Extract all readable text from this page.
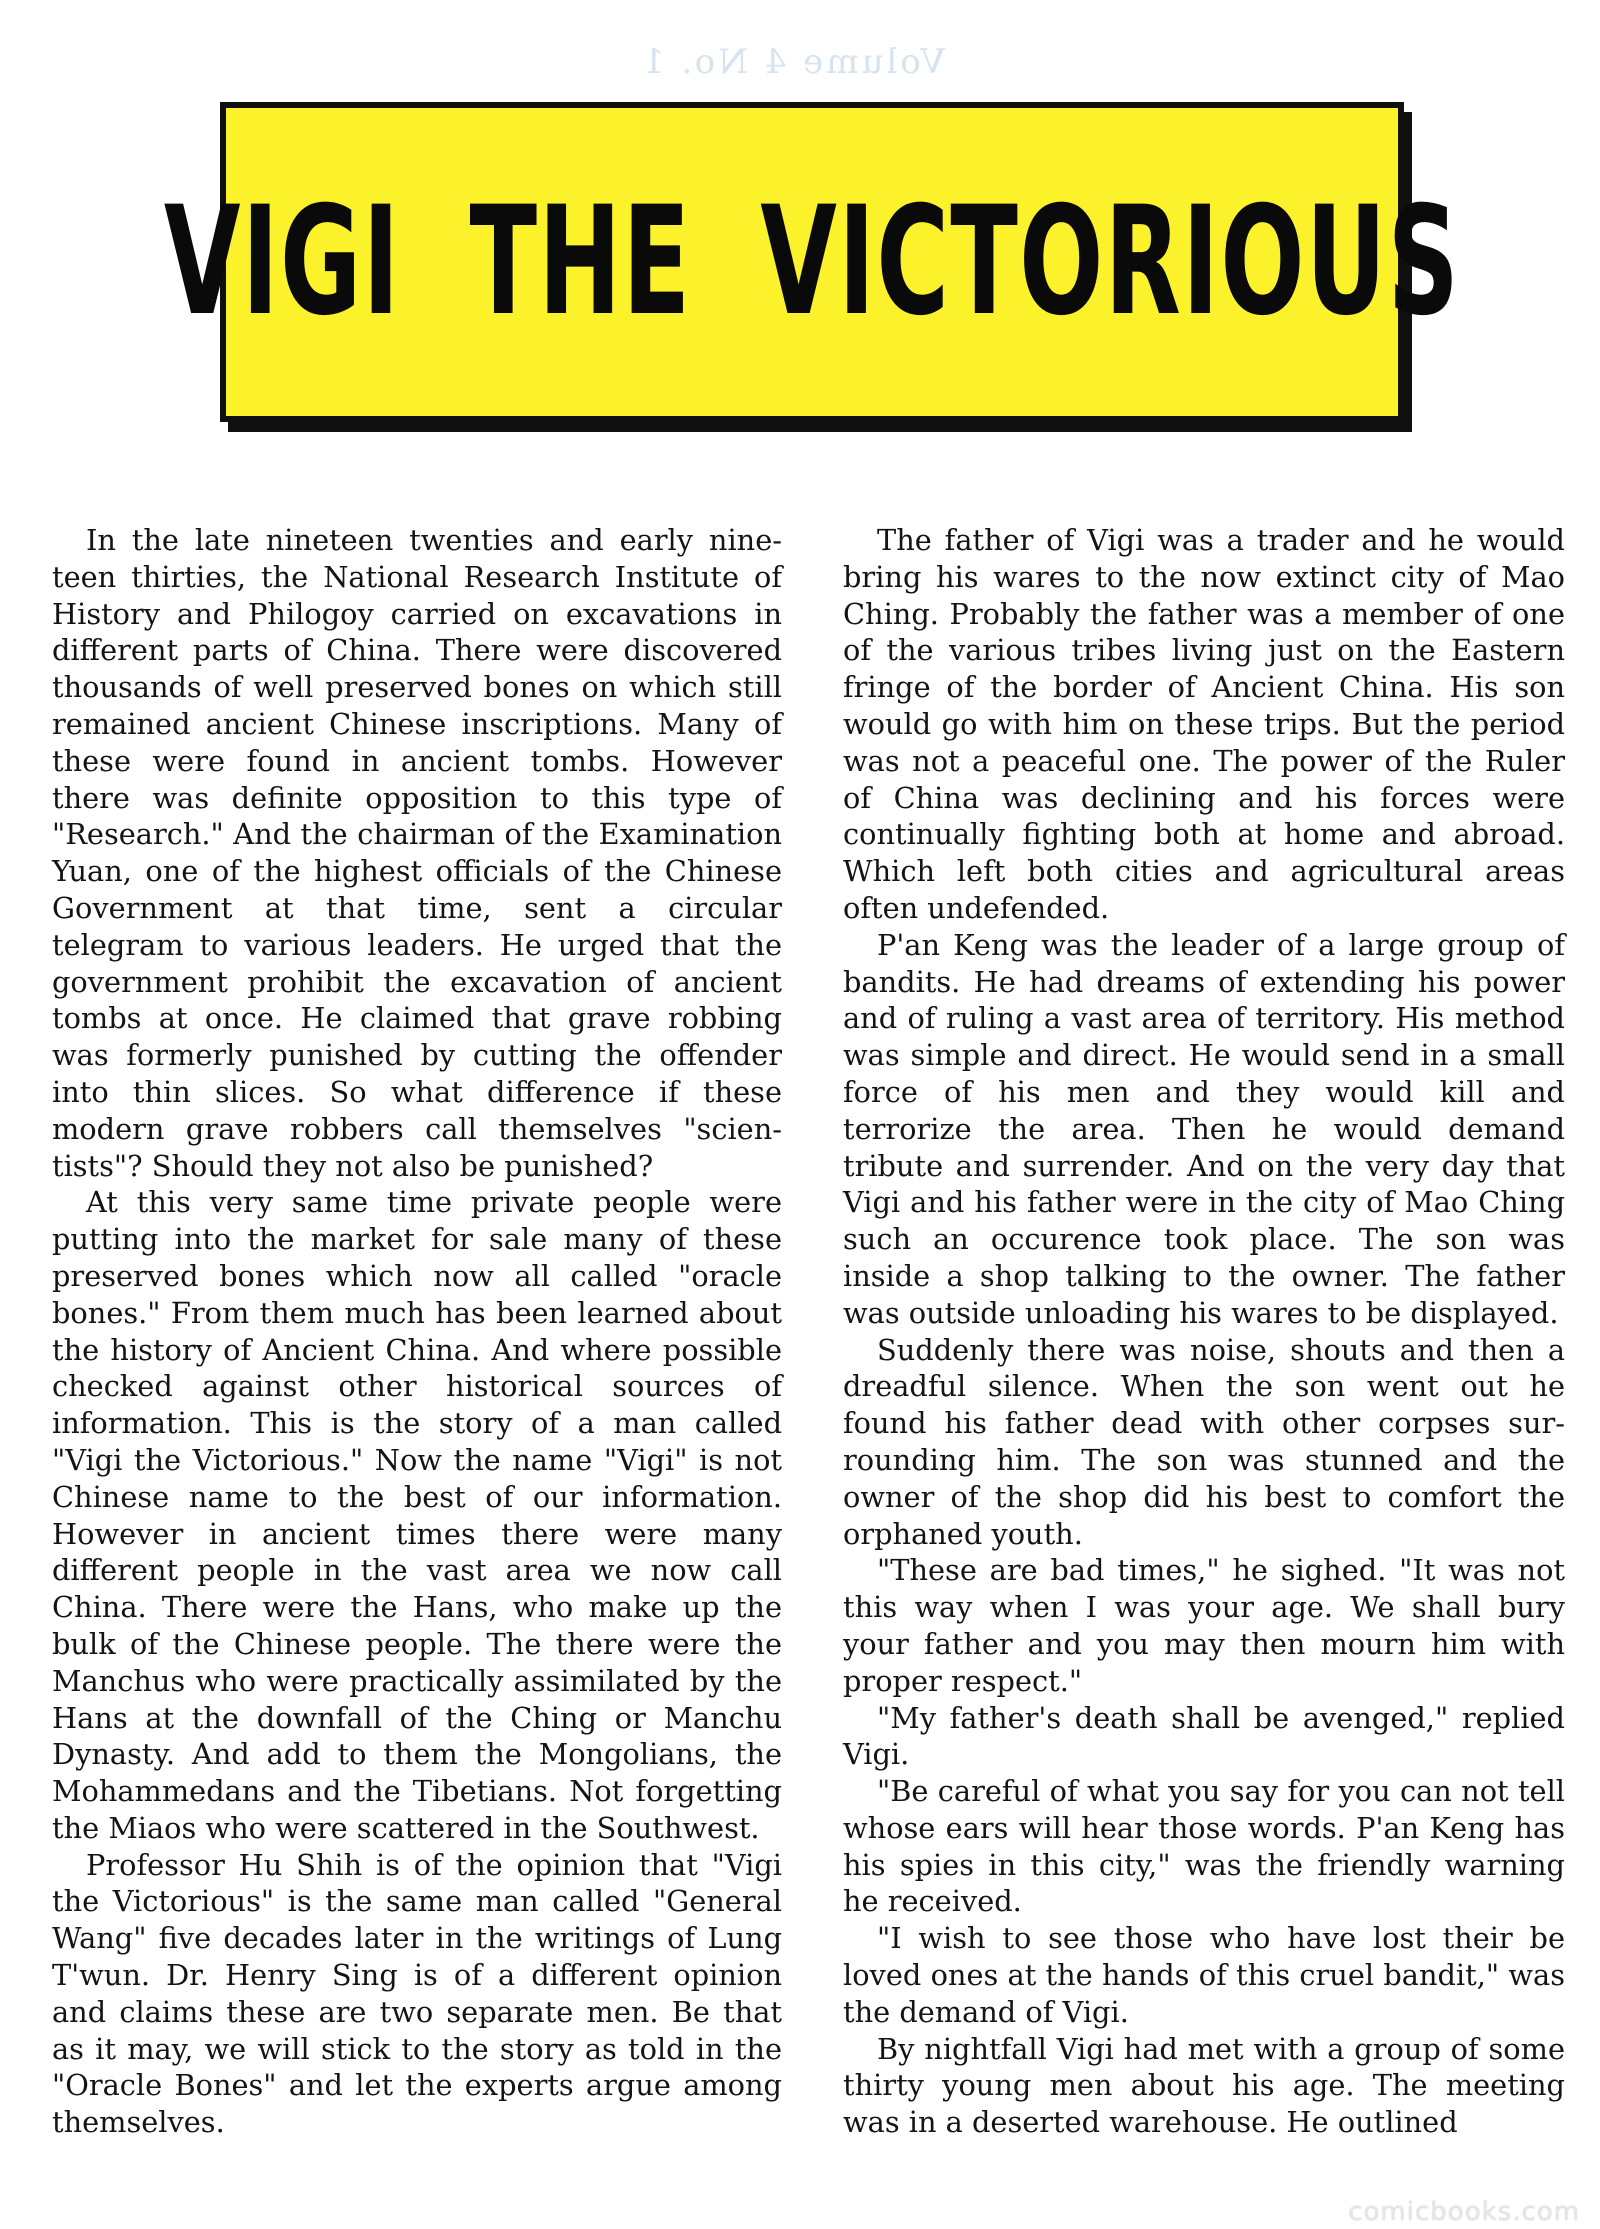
Volume 4 No. 1
VIGI THE VICTORIOUS

In the late nineteen twenties and early nineteen thirties, the National Research Institute of History and Philogoy carried on excavations in different parts of China. There were discovered thousands of well preserved bones on which still remained ancient Chinese inscriptions. Many of these were found in ancient tombs. However there was definite opposition to this type of "Research." And the chairman of the Examination Yuan, one of the highest officials of the Chinese Government at that time, sent a circular telegram to various leaders. He urged that the government prohibit the excavation of ancient tombs at once. He claimed that grave robbing was formerly punished by cutting the offender into thin slices. So what difference if these modern grave robbers call themselves "scientists"? Should they not also be punished?

At this very same time private people were putting into the market for sale many of these preserved bones which now all called "oracle bones." From them much has been learned about the history of Ancient China. And where possible checked against other historical sources of information. This is the story of a man called "Vigi the Victorious." Now the name "Vigi" is not Chinese name to the best of our information. However in ancient times there were many different people in the vast area we now call China. There were the Hans, who make up the bulk of the Chinese people. The there were the Manchus who were practically assimilated by the Hans at the downfall of the Ching or Manchu Dynasty. And add to them the Mongolians, the Mohammedans and the Tibetians. Not forgetting the Miaos who were scattered in the Southwest.

Professor Hu Shih is of the opinion that "Vigi the Victorious" is the same man called "General Wang" five decades later in the writings of Lung T'wun. Dr. Henry Sing is of a different opinion and claims these are two separate men. Be that as it may, we will stick to the story as told in the "Oracle Bones" and let the experts argue among themselves.

The father of Vigi was a trader and he would bring his wares to the now extinct city of Mao Ching. Probably the father was a member of one of the various tribes living just on the Eastern fringe of the border of Ancient China. His son would go with him on these trips. But the period was not a peaceful one. The power of the Ruler of China was declining and his forces were continually fighting both at home and abroad. Which left both cities and agricultural areas often undefended.

P'an Keng was the leader of a large group of bandits. He had dreams of extending his power and of ruling a vast area of territory. His method was simple and direct. He would send in a small force of his men and they would kill and terrorize the area. Then he would demand tribute and surrender. And on the very day that Vigi and his father were in the city of Mao Ching such an occurence took place. The son was inside a shop talking to the owner. The father was outside unloading his wares to be displayed.

Suddenly there was noise, shouts and then a dreadful silence. When the son went out he found his father dead with other corpses surrounding him. The son was stunned and the owner of the shop did his best to comfort the orphaned youth.

"These are bad times," he sighed. "It was not this way when I was your age. We shall bury your father and you may then mourn him with proper respect."

"My father's death shall be avenged," replied Vigi.

"Be careful of what you say for you can not tell whose ears will hear those words. P'an Keng has his spies in this city," was the friendly warning he received.

"I wish to see those who have lost their be loved ones at the hands of this cruel bandit," was the demand of Vigi.

By nightfall Vigi had met with a group of some thirty young men about his age. The meeting was in a deserted warehouse. He outlined

comicbooks.com
